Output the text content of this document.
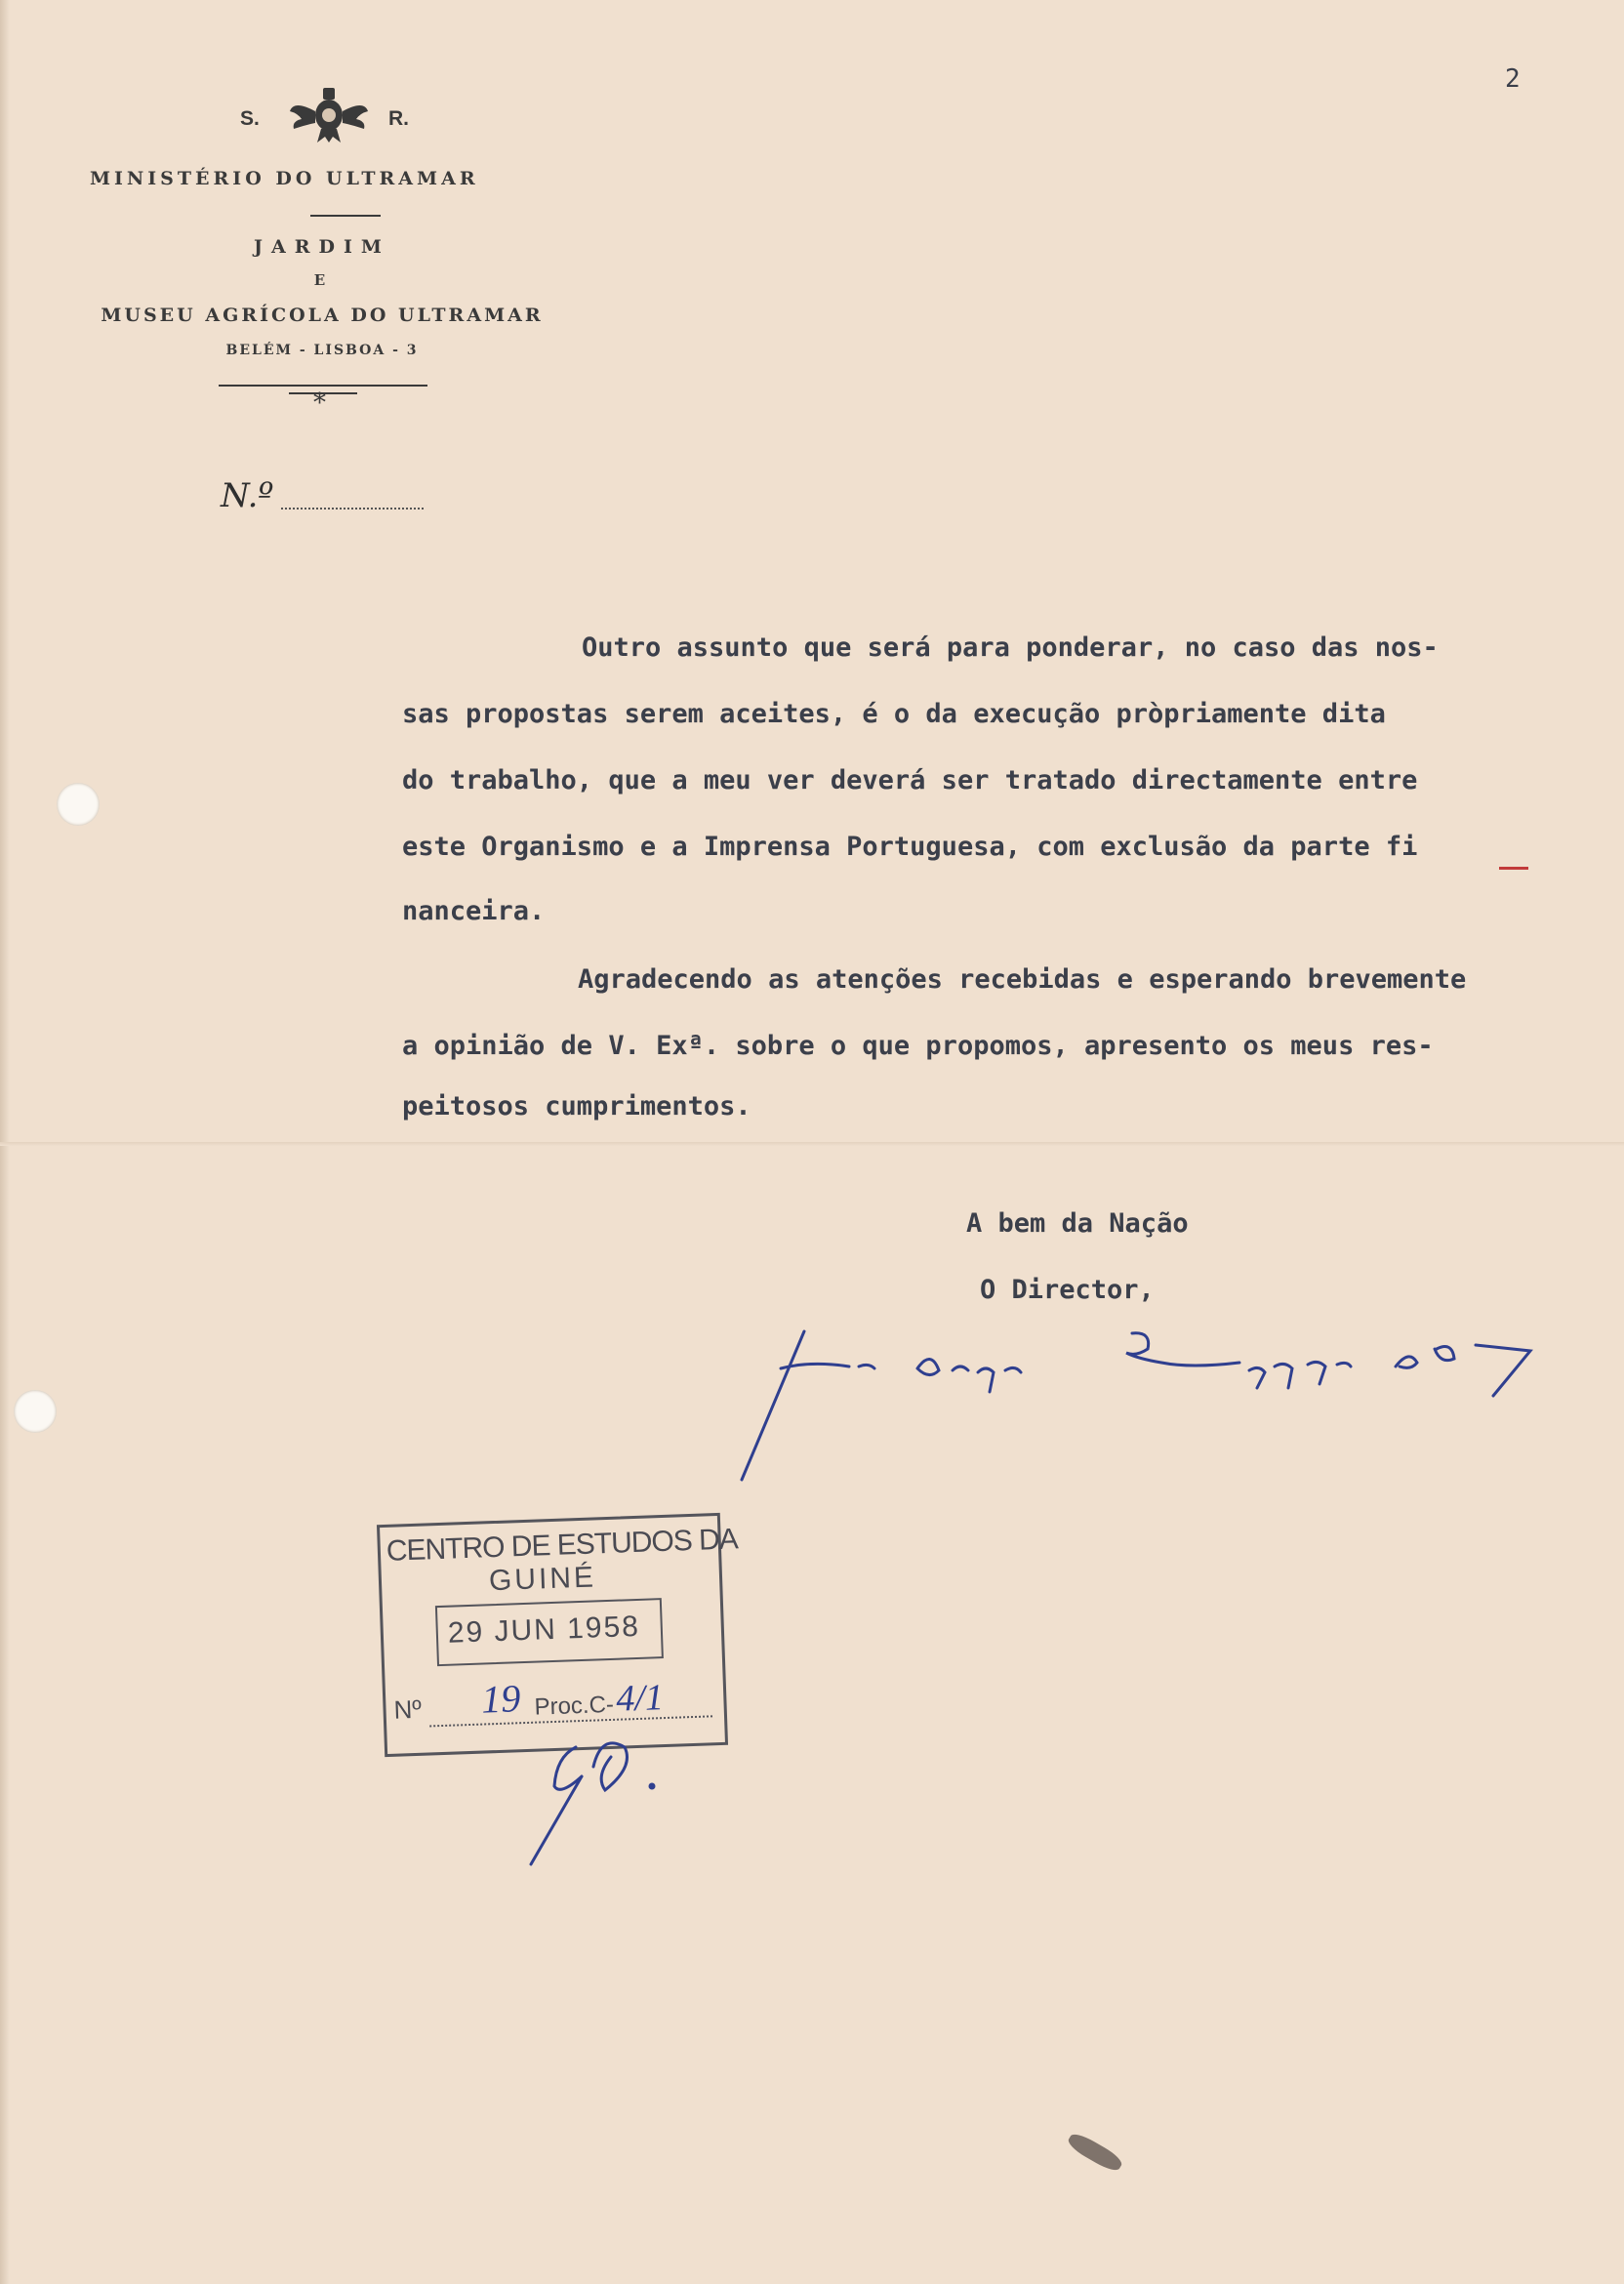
2
S.	R.
MINISTÉRIO DO ULTRAMAR
JARDIM
E
MUSEU AGRÍCOLA DO ULTRAMAR
BELÉM - LISBOA - 3
*
N.º
Outro assunto que será para ponderar, no caso das nos-
sas propostas serem aceites, é o da execução pròpriamente dita
do trabalho, que a meu ver deverá ser tratado directamente entre
este Organismo e a Imprensa Portuguesa, com exclusão da parte fi
nanceira.
Agradecendo as atenções recebidas e esperando brevemente
a opinião de V. Exª. sobre o que propomos, apresento os meus res-
peitosos cumprimentos.
A bem da Nação
O Director,
CENTRO DE ESTUDOS DA
GUINÉ
29 JUN 1958
Nº 19 Proc.C- 4/1
